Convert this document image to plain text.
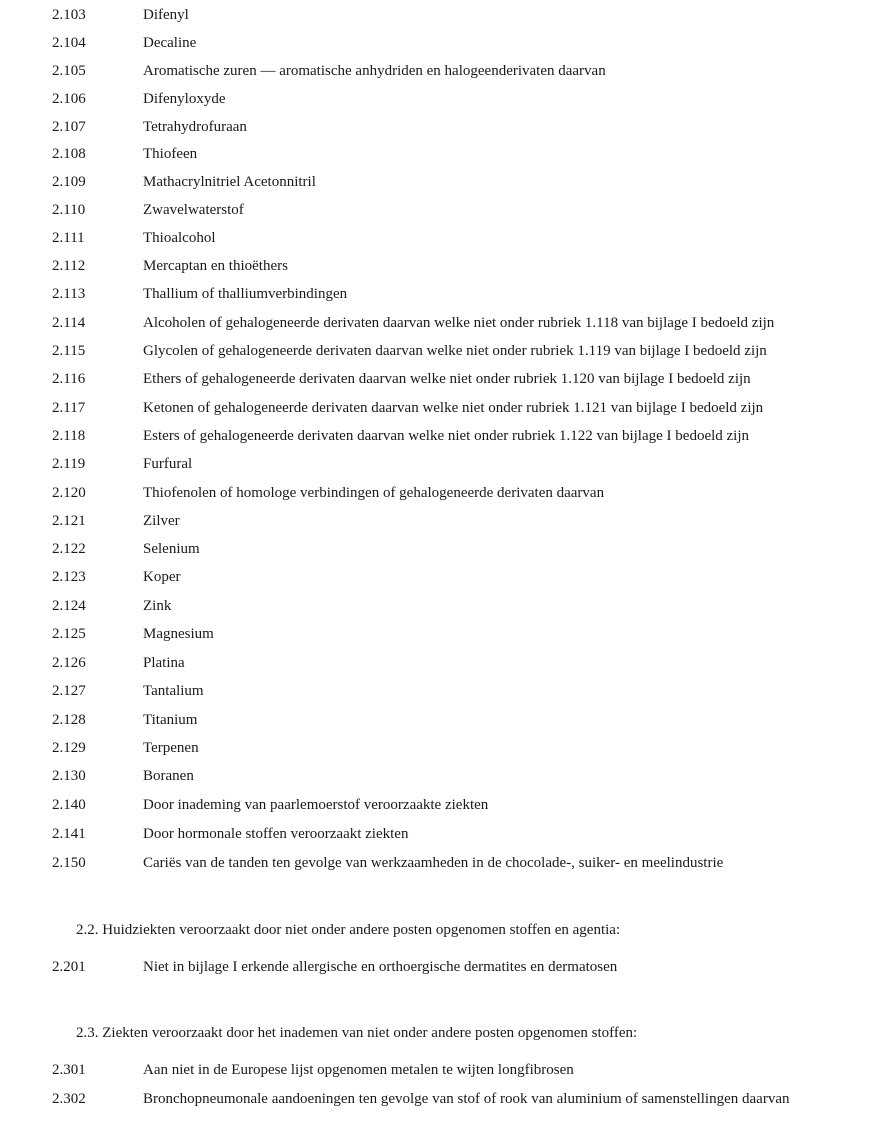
2.103	Difenyl
2.104	Decaline
2.105	Aromatische zuren — aromatische anhydriden en halogeenderivaten daarvan
2.106	Difenyloxyde
2.107	Tetrahydrofuraan
2.108	Thiofeen
2.109	Mathacrylnitriel Acetonnitril
2.110	Zwavelwaterstof
2.111	Thioalcohol
2.112	Mercaptan en thioëthers
2.113	Thallium of thalliumverbindingen
2.114	Alcoholen of gehalogeneerde derivaten daarvan welke niet onder rubriek 1.118 van bijlage I bedoeld zijn
2.115	Glycolen of gehalogeneerde derivaten daarvan welke niet onder rubriek 1.119 van bijlage I bedoeld zijn
2.116	Ethers of gehalogeneerde derivaten daarvan welke niet onder rubriek 1.120 van bijlage I bedoeld zijn
2.117	Ketonen of gehalogeneerde derivaten daarvan welke niet onder rubriek 1.121 van bijlage I bedoeld zijn
2.118	Esters of gehalogeneerde derivaten daarvan welke niet onder rubriek 1.122 van bijlage I bedoeld zijn
2.119	Furfural
2.120	Thiofenolen of homologe verbindingen of gehalogeneerde derivaten daarvan
2.121	Zilver
2.122	Selenium
2.123	Koper
2.124	Zink
2.125	Magnesium
2.126	Platina
2.127	Tantalium
2.128	Titanium
2.129	Terpenen
2.130	Boranen
2.140	Door inademing van paarlemoerstof veroorzaakte ziekten
2.141	Door hormonale stoffen veroorzaakt ziekten
2.150	Cariës van de tanden ten gevolge van werkzaamheden in de chocolade-, suiker- en meelindustrie
2.2. Huidziekten veroorzaakt door niet onder andere posten opgenomen stoffen en agentia:
2.201	Niet in bijlage I erkende allergische en orthoergische dermatites en dermatosen
2.3. Ziekten veroorzaakt door het inademen van niet onder andere posten opgenomen stoffen:
2.301	Aan niet in de Europese lijst opgenomen metalen te wijten longfibrosen
2.302	Bronchopneumonale aandoeningen ten gevolge van stof of rook van aluminium of samenstellingen daarvan
